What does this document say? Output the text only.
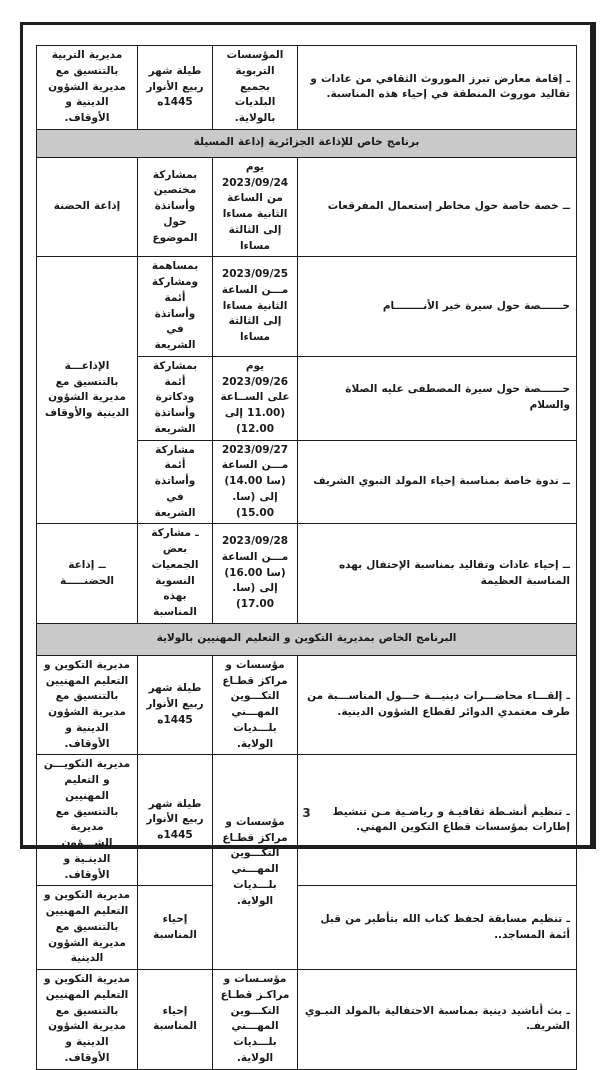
ـ إقامة معارض تبرز الموروث الثقافي من عادات و تقاليد موروث المنطقة في إحياء هذه المناسبة.	المؤسسات التربوية بجميع البلديات بالولاية.	طيلة شهر ربيع الأنوار 1445ه	مديرية التربية بالتنسيق مع مديرية الشؤون الدينية و الأوقاف.
برنامج خاص للإذاعة الجزائرية إذاعة المسيلة			
ــ خصة خاصة حول مخاطر إستعمال المفرقعات	يوم 2023/09/24 من الساعة الثانية مساءا إلى الثالثة مساءا	بمشاركة مختصين وأساتذة حول الموضوع	إذاعة الحضنة
حــــــصة حول سيرة خير الأنــــــــام	2023/09/25 مـــن الساعة الثانية مساءا إلى الثالثة مساءا	بمساهمة ومشاركة أئمة وأساتذة في الشريعة	الإذاعـــة بالتنسيق مع مديرية الشؤون الدينية والأوقاف
حــــــصة حول سيرة المصطفى عليه الصلاة والسلام	يوم 2023/09/26 على الســاعة (11.00 إلى 12.00)	بمشاركة أئمة ودكاترة وأساتذة الشريعة	
ــ ندوة خاصة بمناسبة إحياء المولد النبوي الشريف	2023/09/27 مـــن الساعة (سا 14.00) إلى (سا. 15.00)	مشاركة أئمة وأساتذة في الشريعة	
ــ إحياء عادات وتقاليد بمناسبة الإحتفال بهده المناسبة العظيمة	2023/09/28 مـــن الساعة (سا 16.00) إلى (سا. 17.00)	ـ مشاركة بعض الجمعيات النسوية بهذه المناسبة	ــ إذاعة الحضنـــــة
البرنامج الخاص بمديرية التكوين و التعليم المهنيين بالولاية			
ـ إلقـــاء محاضـــرات دينيـــة حـــول المناســـبة من طرف معتمدي الدوائر لقطاع الشؤون الدينية.	مؤسسات و مراكز قطـاع التكـــوين المهـــني بلـــديات الولاية.	طيلة شهر ربيع الأنوار 1445ه	مديرية التكوين و التعليم المهنيين بالتنسيق مع مديرية الشؤون الدينية و الأوقاف.
ـ تنظيم أنشـطة ثقافيـة و رياضـية مـن تنشيط إطارات بمؤسسات قطاع التكوين المهني.	مؤسسات و مراكز قطـاع التكـــوين المهـــني بلـــديات الولاية.	طيلة شهر ربيع الأنوار 1445ه	مديرية التكويـــن و التعليم المهنيين بالتنسيق مع مديرية الشـــؤون الدينـية و الأوقاف.
ـ تنظيم مسابقة لحفظ كتاب الله بتأطير من قبل أئمة المساجد..		إحياء المناسبة	مديرية التكوين و التعليم المهنيين بالتنسيق مع مديرية الشؤون الدينية
ـ بث أناشيد دينية بمناسبة الاحتفالية بالمولد النبـوي الشريفـ.	مؤسـسات و مراكـز قطـاع التكـــوين المهـــني بلـــديات الولاية.	إحياء المناسبة	مديرية التكوين و التعليم المهنيين بالتنسيق مع مديرية الشؤون الدينية و الأوقاف.
3
